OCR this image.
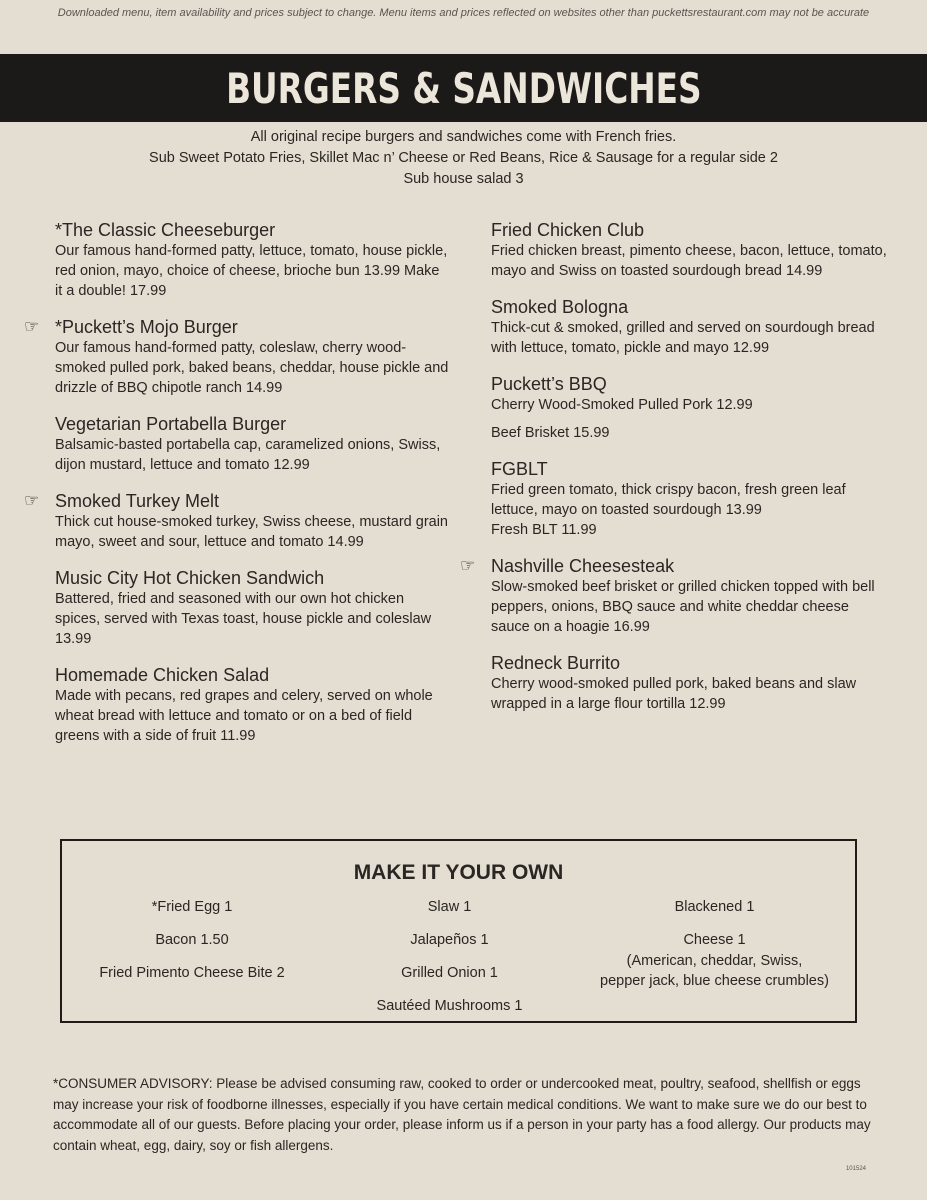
Downloaded menu, item availability and prices subject to change. Menu items and prices reflected on websites other than puckettsrestaurant.com may not be accurate
BURGERS & SANDWICHES
All original recipe burgers and sandwiches come with French fries.
Sub Sweet Potato Fries, Skillet Mac n’ Cheese or Red Beans, Rice & Sausage for a regular side 2
Sub house salad 3
*The Classic Cheeseburger
Our famous hand-formed patty, lettuce, tomato, house pickle, red onion, mayo, choice of cheese, brioche bun 13.99 Make it a double! 17.99
☞ *Puckett’s Mojo Burger
Our famous hand-formed patty, coleslaw, cherry wood-smoked pulled pork, baked beans, cheddar, house pickle and drizzle of BBQ chipotle ranch 14.99
Vegetarian Portabella Burger
Balsamic-basted portabella cap, caramelized onions, Swiss, dijon mustard, lettuce and tomato 12.99
☞ Smoked Turkey Melt
Thick cut house-smoked turkey, Swiss cheese, mustard grain mayo, sweet and sour, lettuce and tomato 14.99
Music City Hot Chicken Sandwich
Battered, fried and seasoned with our own hot chicken spices, served with Texas toast, house pickle and coleslaw 13.99
Homemade Chicken Salad
Made with pecans, red grapes and celery, served on whole wheat bread with lettuce and tomato or on a bed of field greens with a side of fruit 11.99
Fried Chicken Club
Fried chicken breast, pimento cheese, bacon, lettuce, tomato, mayo and Swiss on toasted sourdough bread 14.99
Smoked Bologna
Thick-cut & smoked, grilled and served on sourdough bread with lettuce, tomato, pickle and mayo 12.99
Puckett’s BBQ
Cherry Wood-Smoked Pulled Pork 12.99
Beef Brisket 15.99
FGBLT
Fried green tomato, thick crispy bacon, fresh green leaf lettuce, mayo on toasted sourdough 13.99
Fresh BLT 11.99
☞ Nashville Cheesesteak
Slow-smoked beef brisket or grilled chicken topped with bell peppers, onions, BBQ sauce and white cheddar cheese sauce on a hoagie 16.99
Redneck Burrito
Cherry wood-smoked pulled pork, baked beans and slaw wrapped in a large flour tortilla 12.99
MAKE IT YOUR OWN
*Fried Egg 1
Bacon 1.50
Fried Pimento Cheese Bite 2
Slaw 1
Jalapeños 1
Grilled Onion 1
Sautéed Mushrooms 1
Blackened 1
Cheese 1
(American, cheddar, Swiss,
pepper jack, blue cheese crumbles)
*CONSUMER ADVISORY: Please be advised consuming raw, cooked to order or undercooked meat, poultry, seafood, shellfish or eggs may increase your risk of foodborne illnesses, especially if you have certain medical conditions. We want to make sure we do our best to accommodate all of our guests. Before placing your order, please inform us if a person in your party has a food allergy. Our products may contain wheat, egg, dairy, soy or fish allergens.
101524
